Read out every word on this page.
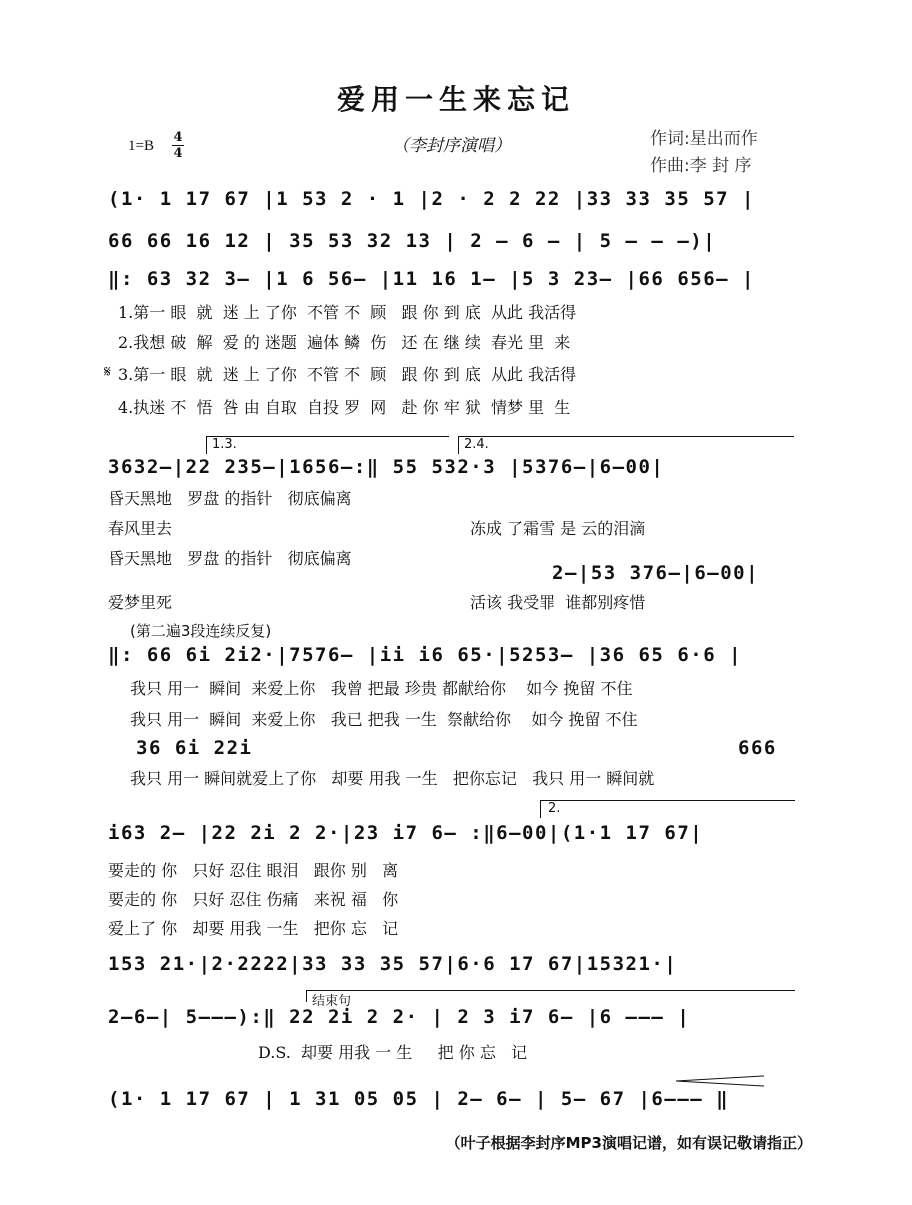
爱用一生来忘记
1=B
4
4	（李封序演唱）	作词:星出而作
作曲:李 封 序
(1· 1 17 67 |1 53 2 · 1 |2 · 2 2 22 |33 33 35 57 |
66 66 16 12 | 35 53 32 13 | 2 – 6 – | 5 – – –)|
‖: 63 32 3– |1 6 56– |11 16 1– |5 3 23– |66 656– |
1.第一 眼  就  迷 上 了你  不管 不  顾   跟 你 到 底  从此 我活得
2.我想 破  解  爱 的 迷题  遍体 鳞  伤   还 在 继 续  春光 里  来
𝄋 3.第一 眼  就  迷 上 了你  不管 不  顾   跟 你 到 底  从此 我活得
4.执迷 不  悟  咎 由 自取  自投 罗  网   赴 你 牢 狱  情梦 里  生
1.3.	2.4.
3632–|22 235–|1656–:‖ 55 532·3 |5376–|6–00|
昏天黑地   罗盘 的指针   彻底偏离
春风里去	冻成 了霜雪 是 云的泪滴
昏天黑地   罗盘 的指针   彻底偏离
2–|53 376–|6–00|
爱梦里死	活该 我受罪  谁都别疼惜
(第二遍3段连续反复)
‖: 66 6i 2i2·|7576– |ii i6 65·|5253– |36 65 6·6 |
我只 用一  瞬间  来爱上你   我曾 把最 珍贵 都献给你    如今 挽留 不住
我只 用一  瞬间  来爱上你   我已 把我 一生  祭献给你    如今 挽留 不住
36 6i 22i	666
我只 用一 瞬间就爱上了你   却要 用我 一生   把你忘记   我只 用一 瞬间就
2.
i63 2– |22 2i 2 2·|23 i7 6– :‖6–00|(1·1 17 67|
要走的 你   只好 忍住 眼泪   跟你 别   离
要走的 你   只好 忍住 伤痛   来祝 福   你
爱上了 你   却要 用我 一生   把你 忘   记
153 21·|2·2222|33 33 35 57|6·6 17 67|15321·|
结束句
2–6–| 5–––):‖ 22 2i 2 2· | 2 3 i7 6– |6 ––– |
D.S.  却要 用我 一 生     把 你 忘   记
(1· 1 17 67 | 1 31 05 05 | 2– 6– | 5– 67 |6––– ‖
（叶子根据李封序MP3演唱记谱，如有误记敬请指正）
